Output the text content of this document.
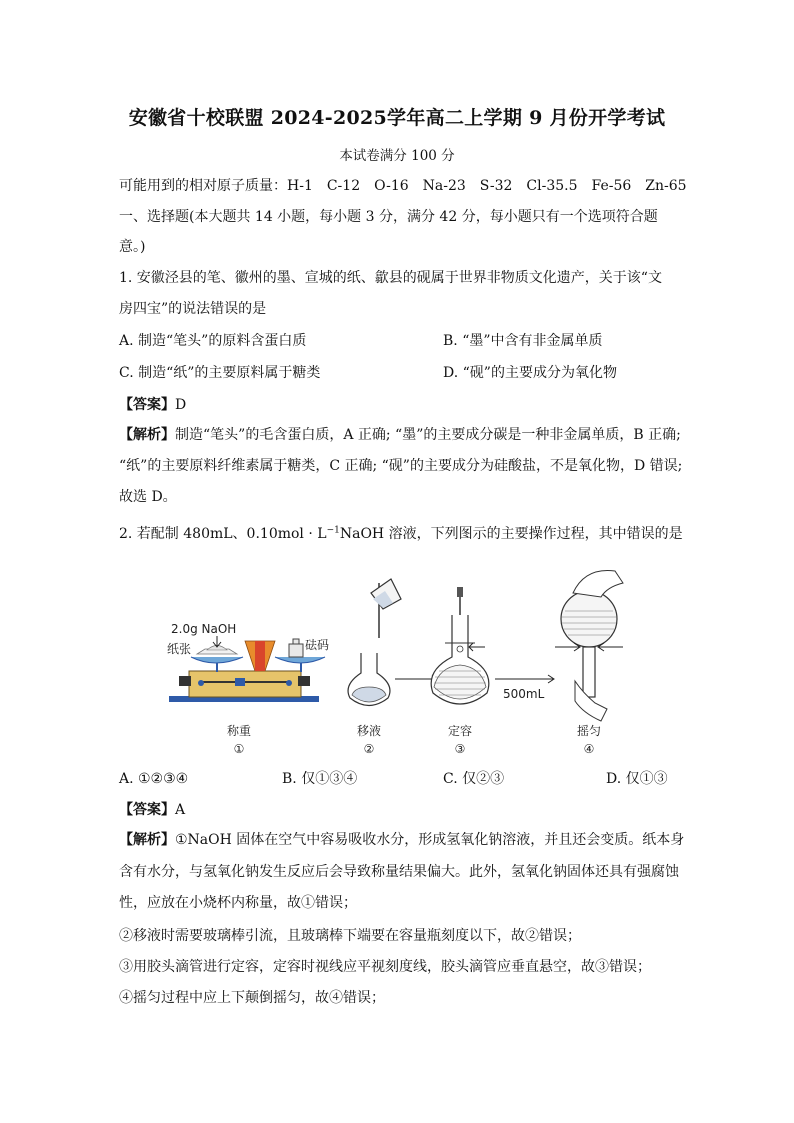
安徽省十校联盟 2024-2025学年高二上学期 9 月份开学考试
本试卷满分 100 分
可能用到的相对原子质量：H-1　C-12　O-16　Na-23　S-32　Cl-35.5　Fe-56　Zn-65
一、选择题(本大题共 14 小题，每小题 3 分，满分 42 分，每小题只有一个选项符合题
意。)
1. 安徽泾县的笔、徽州的墨、宣城的纸、歙县的砚属于世界非物质文化遗产，关于该“文
房四宝”的说法错误的是
A. 制造“笔头”的原料含蛋白质	B. “墨”中含有非金属单质
C. 制造“纸”的主要原料属于糖类	D. “砚”的主要成分为氧化物
【答案】D
【解析】制造“笔头”的毛含蛋白质，A 正确; “墨”的主要成分碳是一种非金属单质，B 正确;
“纸”的主要原料纤维素属于糖类，C 正确; “砚”的主要成分为硅酸盐，不是氧化物，D 错误;
故选 D。
2. 若配制 480mL、$0.10mol \cdot L^{-1}NaOH$ 溶液，下列图示的主要操作过程，其中错误的是
2.0g NaOH
纸张	砝码
500mL
称重
①
移液
②
定容
③
摇匀
④
A. ①②③④	B. 仅①③④	C. 仅②③	D. 仅①③
【答案】A
【解析】①NaOH 固体在空气中容易吸收水分，形成氢氧化钠溶液，并且还会变质。纸本身
含有水分，与氢氧化钠发生反应后会导致称量结果偏大。此外，氢氧化钠固体还具有强腐蚀
性，应放在小烧杯内称量，故①错误；
②移液时需要玻璃棒引流，且玻璃棒下端要在容量瓶刻度以下，故②错误；
③用胶头滴管进行定容，定容时视线应平视刻度线，胶头滴管应垂直悬空，故③错误；
④摇匀过程中应上下颠倒摇匀，故④错误；
